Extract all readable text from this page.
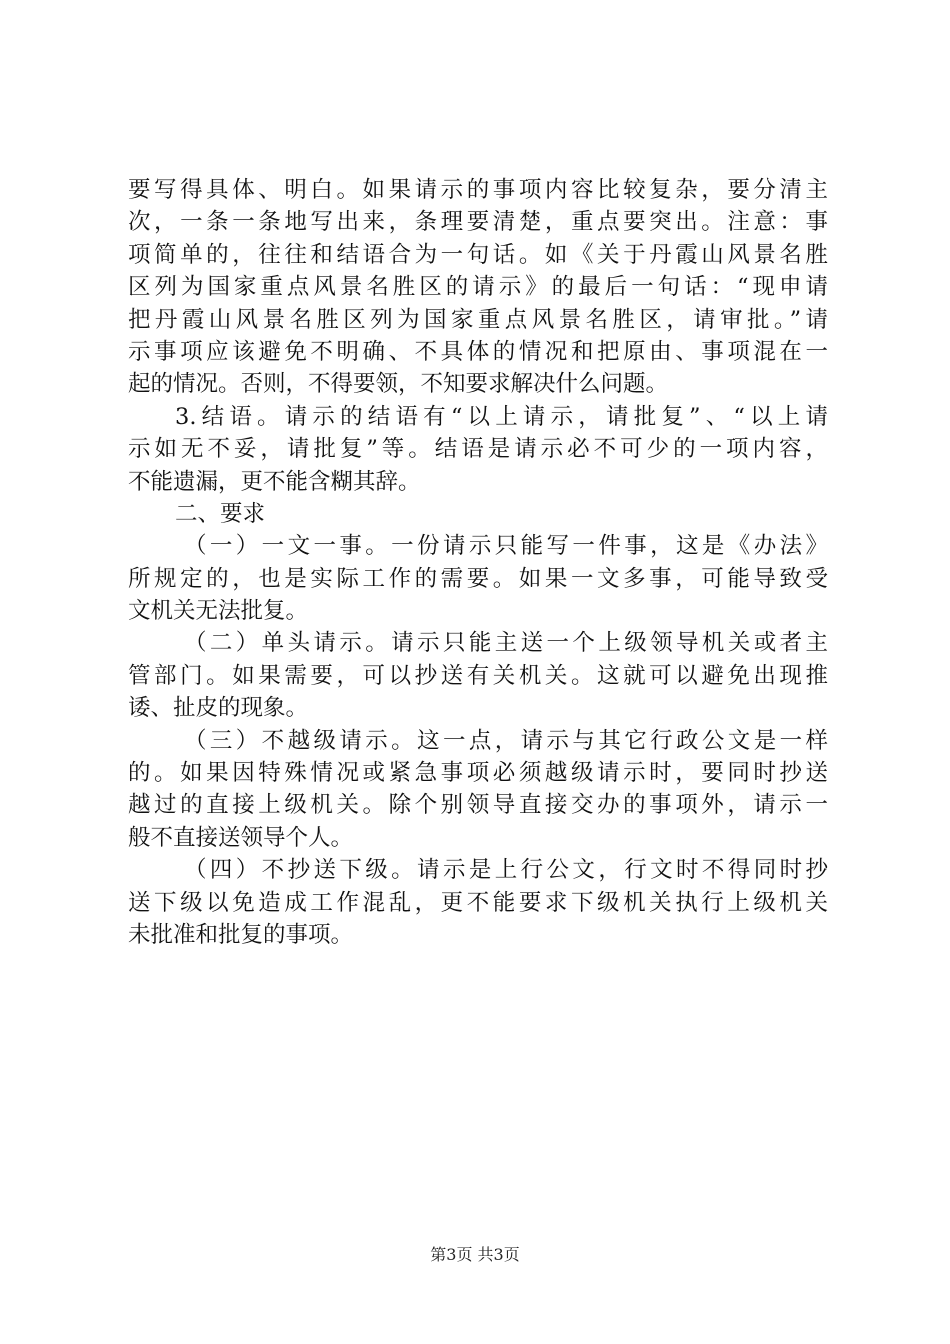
要写得具体、明白。如果请示的事项内容比较复杂，要分清主
次，一条一条地写出来，条理要清楚，重点要突出。注意：事
项简单的，往往和结语合为一句话。如《关于丹霞山风景名胜
区列为国家重点风景名胜区的请示》的最后一句话：“现申请
把丹霞山风景名胜区列为国家重点风景名胜区，请审批。”请
示事项应该避免不明确、不具体的情况和把原由、事项混在一
起的情况。否则，不得要领，不知要求解决什么问题。
3.结语。请示的结语有“以上请示，请批复”、“以上请
示如无不妥，请批复”等。结语是请示必不可少的一项内容，
不能遗漏，更不能含糊其辞。
二、要求
（一）一文一事。一份请示只能写一件事，这是《办法》
所规定的，也是实际工作的需要。如果一文多事，可能导致受
文机关无法批复。
（二）单头请示。请示只能主送一个上级领导机关或者主
管部门。如果需要，可以抄送有关机关。这就可以避免出现推
诿、扯皮的现象。
（三）不越级请示。这一点，请示与其它行政公文是一样
的。如果因特殊情况或紧急事项必须越级请示时，要同时抄送
越过的直接上级机关。除个别领导直接交办的事项外，请示一
般不直接送领导个人。
（四）不抄送下级。请示是上行公文，行文时不得同时抄
送下级以免造成工作混乱，更不能要求下级机关执行上级机关
未批准和批复的事项。
第3页 共3页
